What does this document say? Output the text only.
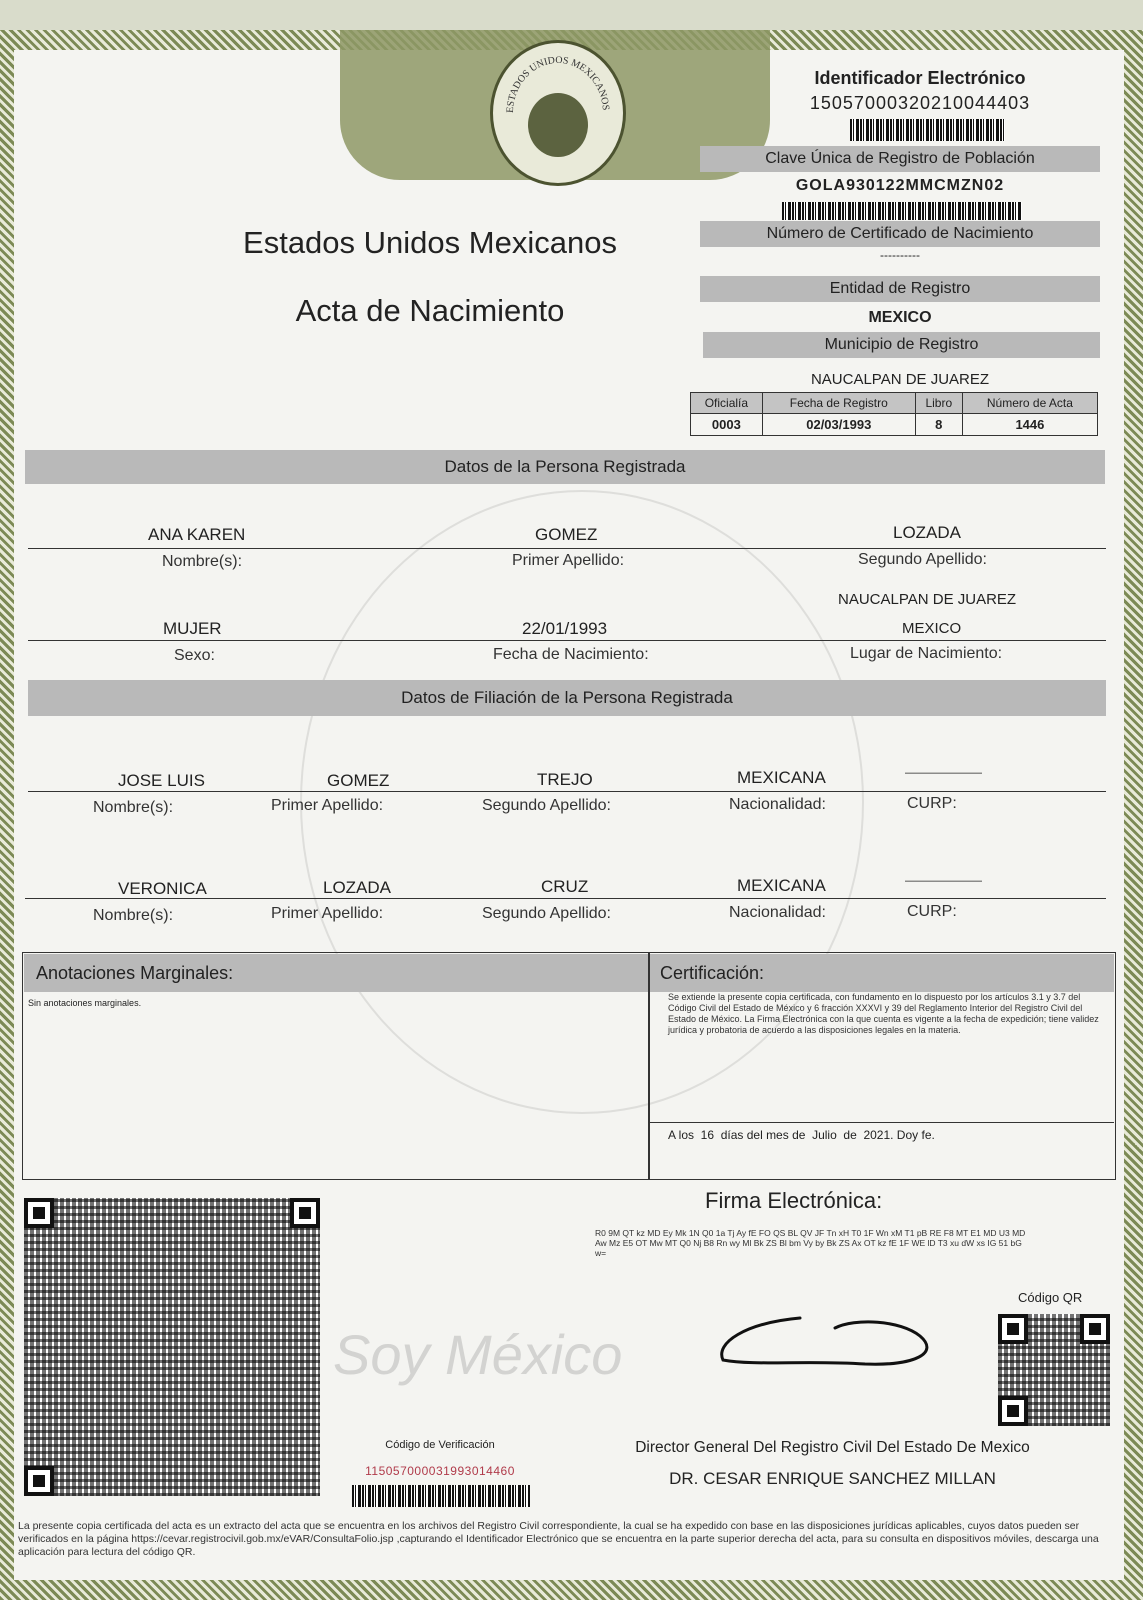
ESTADOS UNIDOS MEXICANOS
Identificador Electrónico
15057000320210044403
Clave Única de Registro de Población
GOLA930122MMCMZN02
Número de Certificado de Nacimiento
----------
Entidad de Registro
MEXICO
Municipio de Registro
NAUCALPAN DE JUAREZ
Oficialía	Fecha de Registro	Libro	Número de Acta
0003	02/03/1993	8	1446
Estados Unidos Mexicanos
Acta de Nacimiento
Datos de la Persona Registrada
ANA KAREN	GOMEZ	LOZADA
Nombre(s):	Primer Apellido:	Segundo Apellido:
NAUCALPAN DE JUAREZ
MUJER	22/01/1993	MEXICO
Sexo:	Fecha de Nacimiento:	Lugar de Nacimiento:
Datos de Filiación de la Persona Registrada
JOSE LUIS	GOMEZ	TREJO	MEXICANA	———————
Nombre(s):	Primer Apellido:	Segundo Apellido:	Nacionalidad:	CURP:
VERONICA	LOZADA	CRUZ	MEXICANA	———————
Nombre(s):	Primer Apellido:	Segundo Apellido:	Nacionalidad:	CURP:
Anotaciones Marginales:
Sin anotaciones marginales.
Certificación:
Se extiende la presente copia certificada, con fundamento en lo dispuesto por los artículos 3.1 y 3.7 del Código Civil del Estado de México y 6 fracción XXXVI y 39 del Reglamento Interior del Registro Civil del Estado de México. La Firma Electrónica con la que cuenta es vigente a la fecha de expedición; tiene validez jurídica y probatoria de acuerdo a las disposiciones legales en la materia.
A los  16  días del mes de  Julio  de  2021. Doy fe.
Firma Electrónica:
R0 9M QT kz MD Ey Mk 1N Q0 1a Tj Ay fE FO QS BL QV JF Tn xH T0 1F Wn xM T1 pB RE F8 MT E1 MD U3 MD Aw Mz E5 OT Mw MT Q0 Nj B8 Rn wy Ml Bk ZS Bl bm Vy by Bk ZS Ax OT kz fE 1F WE lD T3 xu dW xs IG 51 bG w=
Código QR
Soy México
Director General Del Registro Civil Del Estado De Mexico
DR. CESAR ENRIQUE SANCHEZ MILLAN
Código de Verificación
115057000031993014460
La presente copia certificada del acta es un extracto del acta que se encuentra en los archivos del Registro Civil correspondiente, la cual se ha expedido con base en las disposiciones jurídicas aplicables, cuyos datos pueden ser verificados en la página https://cevar.registrocivil.gob.mx/eVAR/ConsultaFolio.jsp ,capturando el Identificador Electrónico que se encuentra en la parte superior derecha del acta, para su consulta en dispositivos móviles, descarga una aplicación para lectura del código QR.
